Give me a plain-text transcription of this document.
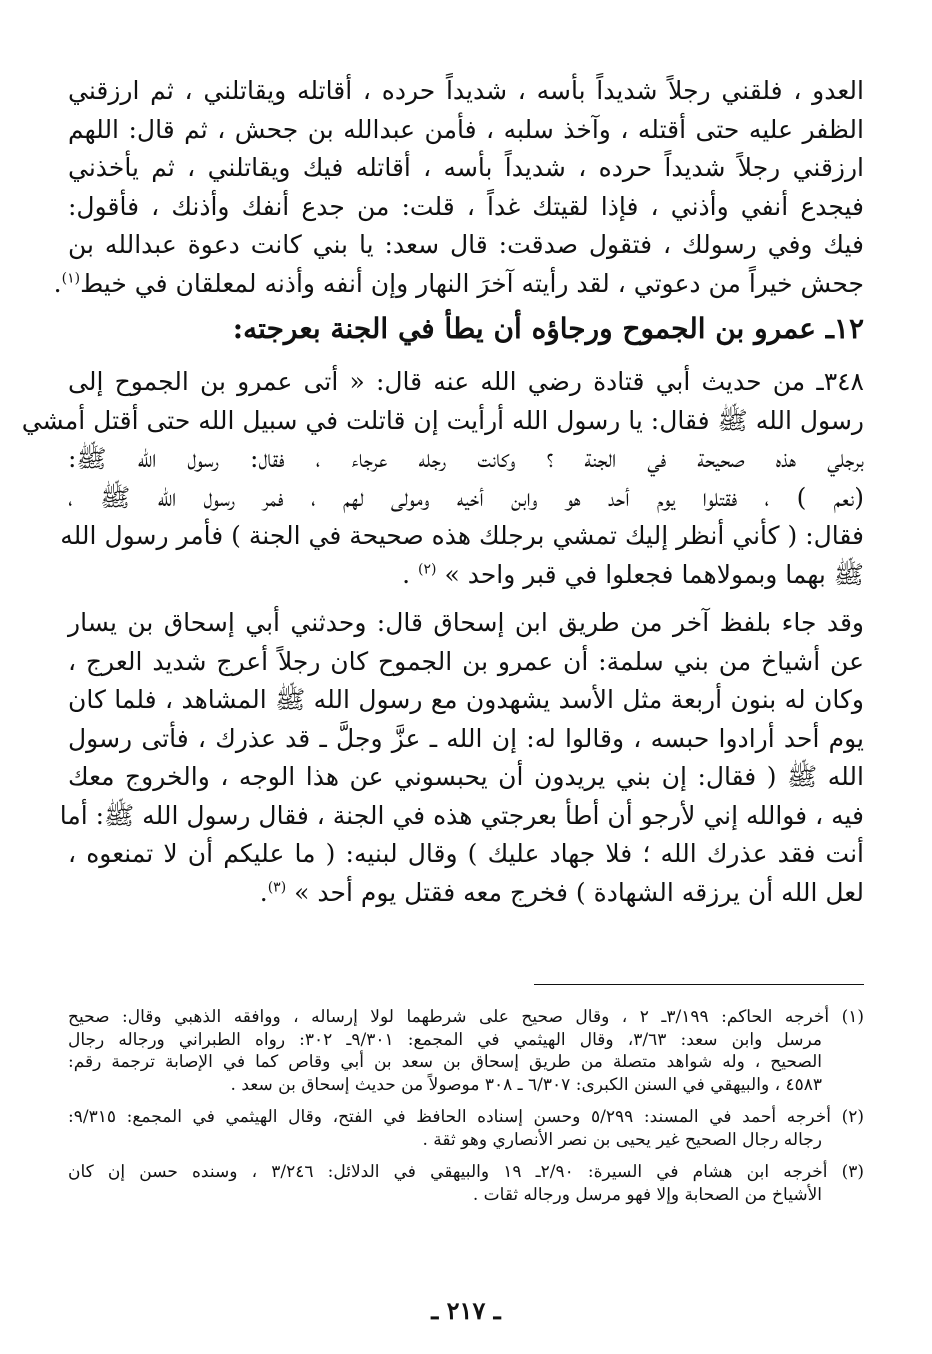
العدو ، فلقني رجلاً شديداً بأسه ، شديداً حرده ، أقاتله ويقاتلني ، ثم ارزقني
الظفر عليه حتى أقتله ، وآخذ سلبه ، فأمن عبدالله بن جحش ، ثم قال: اللهم
ارزقني رجلاً شديداً حرده ، شديداً بأسه ، أقاتله فيك ويقاتلني ، ثم يأخذني
فيجدع أنفي وأذني ، فإذا لقيتك غداً ، قلت: من جدع أنفك وأذنك ، فأقول:
فيك وفي رسولك ، فتقول صدقت: قال سعد: يا بني كانت دعوة عبدالله بن
جحش خيراً من دعوتي ، لقد رأيته آخرَ النهار وإن أنفه وأذنه لمعلقان في خيط$^{(١)}$.
١٢ـ عمرو بن الجموح ورجاؤه أن يطأ في الجنة بعرجته:
٣٤٨ـ من حديث أبي قتادة رضي الله عنه قال: « أتى عمرو بن الجموح إلى
رسول الله ﷺ فقال: يا رسول الله أرأيت إن قاتلت في سبيل الله حتى أقتل أمشي
برجلي هذه صحيحة في الجنة ؟ وكانت رجله عرجاء ، فقال: رسول الله ﷺ:
(نعم ) ، فقتلوا يوم أحد هو وابن أخيه ومولى لهم ، فمر رسول الله ﷺ ،
فقال: ( كأني أنظر إليك تمشي برجلك هذه صحيحة في الجنة ) فأمر رسول الله
ﷺ بهما وبمولاهما فجعلوا في قبر واحد » $^{(٢)}$ .
وقد جاء بلفظ آخر من طريق ابن إسحاق قال: وحدثني أبي إسحاق بن يسار
عن أشياخ من بني سلمة: أن عمرو بن الجموح كان رجلاً أعرج شديد العرج ،
وكان له بنون أربعة مثل الأسد يشهدون مع رسول الله ﷺ المشاهد ، فلما كان
يوم أحد أرادوا حبسه ، وقالوا له: إن الله ـ عزَّ وجلَّ ـ قد عذرك ، فأتى رسول
الله ﷺ ( فقال: إن بني يريدون أن يحبسوني عن هذا الوجه ، والخروج معك
فيه ، فوالله إني لأرجو أن أطأ بعرجتي هذه في الجنة ، فقال رسول الله ﷺ: أما
أنت فقد عذرك الله ؛ فلا جهاد عليك ) وقال لبنيه: ( ما عليكم أن لا تمنعوه ،
لعل الله أن يرزقه الشهادة ) فخرج معه فقتل يوم أحد » $^{(٣)}$.
(١) أخرجه الحاكم: ٣/١٩٩ـ ٢ ، وقال صحيح على شرطهما لولا إرساله ، ووافقه الذهبي وقال: صحيح
مرسل وابن سعد: ٣/٦٣، وقال الهيثمي في المجمع: ٩/٣٠١ـ ٣٠٢: رواه الطبراني ورجاله رجال
الصحيح ، وله شواهد متصلة من طريق إسحاق بن سعد بن أبي وقاص كما في الإصابة ترجمة رقم:
٤٥٨٣ ، والبيهقي في السنن الكبرى: ٦/٣٠٧ ـ ٣٠٨ موصولاً من حديث إسحاق بن سعد .
(٢) أخرجه أحمد في المسند: ٥/٢٩٩ وحسن إسناده الحافظ في الفتح، وقال الهيثمي في المجمع: ٩/٣١٥:
رجاله رجال الصحيح غير يحيى بن نصر الأنصاري وهو ثقة .
(٣) أخرجه ابن هشام في السيرة: ٢/٩٠ـ ١٩ والبيهقي في الدلائل: ٣/٢٤٦ ، وسنده حسن إن كان
الأشياخ من الصحابة وإلا فهو مرسل ورجاله ثقات .
ـ ٢١٧ ـ
